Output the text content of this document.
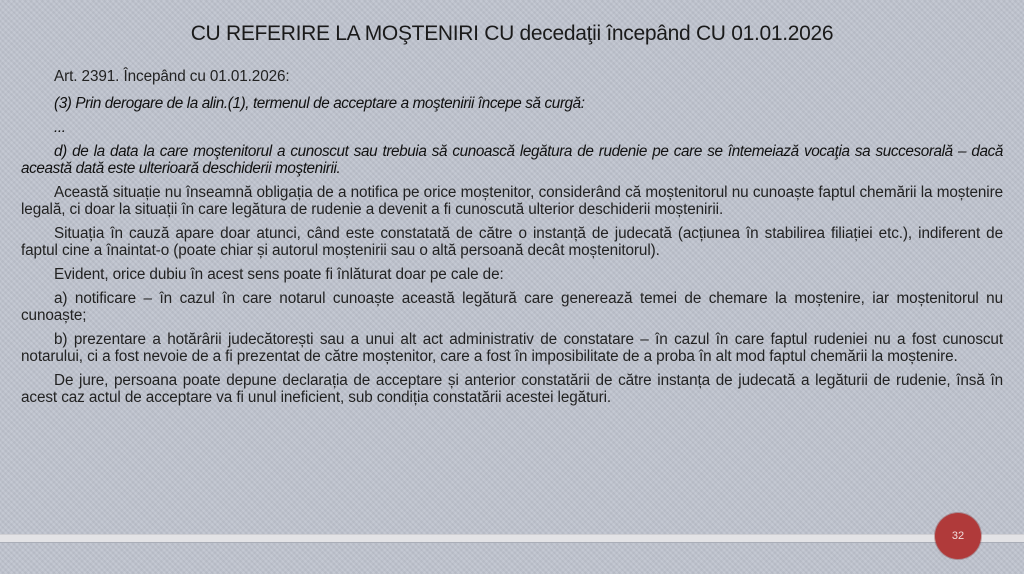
CU REFERIRE LA MOŞTENIRI CU decedaţii începând CU 01.01.2026

Art. 2391. Începând cu 01.01.2026:

(3) Prin derogare de la alin.(1), termenul de acceptare a moştenirii începe să curgă:

...

d) de la data la care moştenitorul a cunoscut sau trebuia să cunoască legătura de rudenie pe care se întemeiază vocaţia sa succesorală – dacă această dată este ulterioară deschiderii moştenirii.

Această situație nu înseamnă obligația de a notifica pe orice moștenitor, considerând că moștenitorul nu cunoaște faptul chemării la moștenire legală, ci doar la situații în care legătura de rudenie a devenit a fi cunoscută ulterior deschiderii moștenirii.

Situația în cauză apare doar atunci, când este constatată de către o instanță de judecată (acțiunea în stabilirea filiației etc.), indiferent de faptul cine a înaintat-o (poate chiar și autorul moștenirii sau o altă persoană decât moștenitorul).

Evident, orice dubiu în acest sens poate fi înlăturat doar pe cale de:

a) notificare – în cazul în care notarul cunoaște această legătură care generează temei de chemare la moștenire, iar moștenitorul nu cunoaște;

b) prezentare a hotărârii judecătorești sau a unui alt act administrativ de constatare – în cazul în care faptul rudeniei nu a fost cunoscut notarului, ci a fost nevoie de a fi prezentat de către moștenitor, care a fost în imposibilitate de a proba în alt mod faptul chemării la moștenire.

De jure, persoana poate depune declarația de acceptare și anterior constatării de către instanța de judecată a legăturii de rudenie, însă în acest caz actul de acceptare va fi unul ineficient, sub condiția constatării acestei legături.

32
